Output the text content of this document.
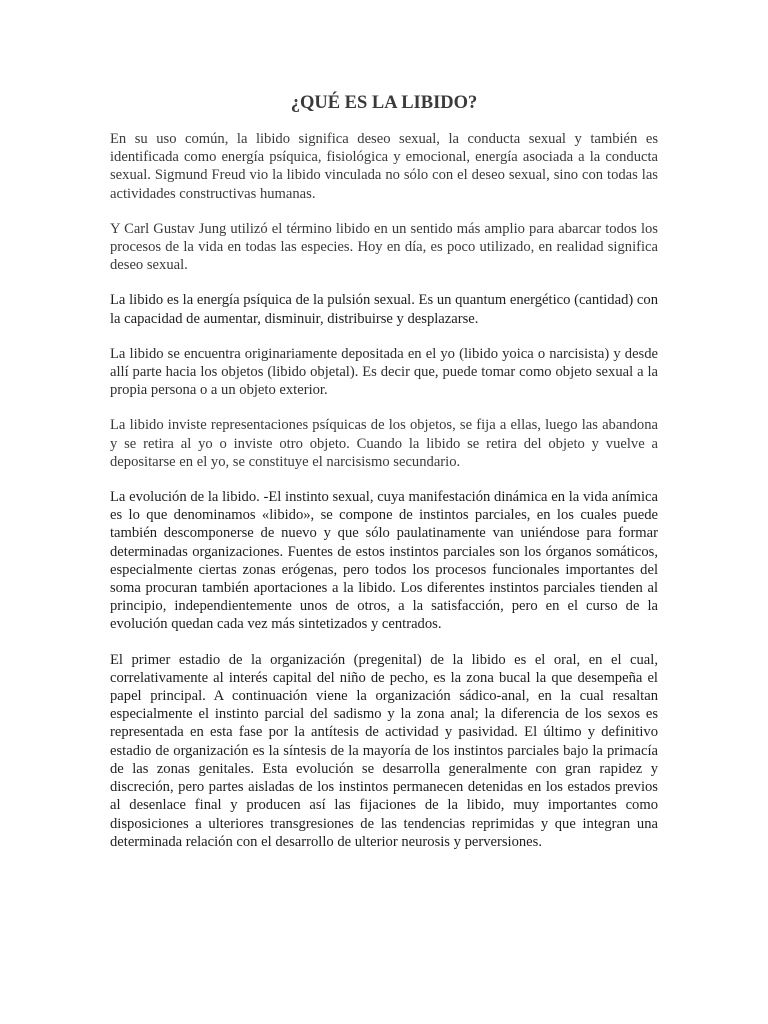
¿QUÉ ES LA LIBIDO?

En su uso común, la libido significa deseo sexual, la conducta sexual y también es identificada como energía psíquica, fisiológica y emocional, energía asociada a la conducta sexual. Sigmund Freud vio la libido vinculada no sólo con el deseo sexual, sino con todas las actividades constructivas humanas.

Y Carl Gustav Jung utilizó el término libido en un sentido más amplio para abarcar todos los procesos de la vida en todas las especies. Hoy en día, es poco utilizado, en realidad significa deseo sexual.

La libido es la energía psíquica de la pulsión sexual. Es un quantum energético (cantidad) con la capacidad de aumentar, disminuir, distribuirse y desplazarse.

La libido se encuentra originariamente depositada en el yo (libido yoica o narcisista) y desde allí parte hacia los objetos (libido objetal). Es decir que, puede tomar como objeto sexual a la propia persona o a un objeto exterior.

La libido inviste representaciones psíquicas de los objetos, se fija a ellas, luego las abandona y se retira al yo o inviste otro objeto. Cuando la libido se retira del objeto y vuelve a depositarse en el yo, se constituye el narcisismo secundario.

La evolución de la libido. -El instinto sexual, cuya manifestación dinámica en la vida anímica es lo que denominamos «libido», se compone de instintos parciales, en los cuales puede también descomponerse de nuevo y que sólo paulatinamente van uniéndose para formar determinadas organizaciones. Fuentes de estos instintos parciales son los órganos somáticos, especialmente ciertas zonas erógenas, pero todos los procesos funcionales importantes del soma procuran también aportaciones a la libido. Los diferentes instintos parciales tienden al principio, independientemente unos de otros, a la satisfacción, pero en el curso de la evolución quedan cada vez más sintetizados y centrados.

El primer estadio de la organización (pregenital) de la libido es el oral, en el cual, correlativamente al interés capital del niño de pecho, es la zona bucal la que desempeña el papel principal. A continuación viene la organización sádico-anal, en la cual resaltan especialmente el instinto parcial del sadismo y la zona anal; la diferencia de los sexos es representada en esta fase por la antítesis de actividad y pasividad. El último y definitivo estadio de organización es la síntesis de la mayoría de los instintos parciales bajo la primacía de las zonas genitales. Esta evolución se desarrolla generalmente con gran rapidez y discreción, pero partes aisladas de los instintos permanecen detenidas en los estados previos al desenlace final y producen así las fijaciones de la libido, muy importantes como disposiciones a ulteriores transgresiones de las tendencias reprimidas y que integran una determinada relación con el desarrollo de ulterior neurosis y perversiones.
